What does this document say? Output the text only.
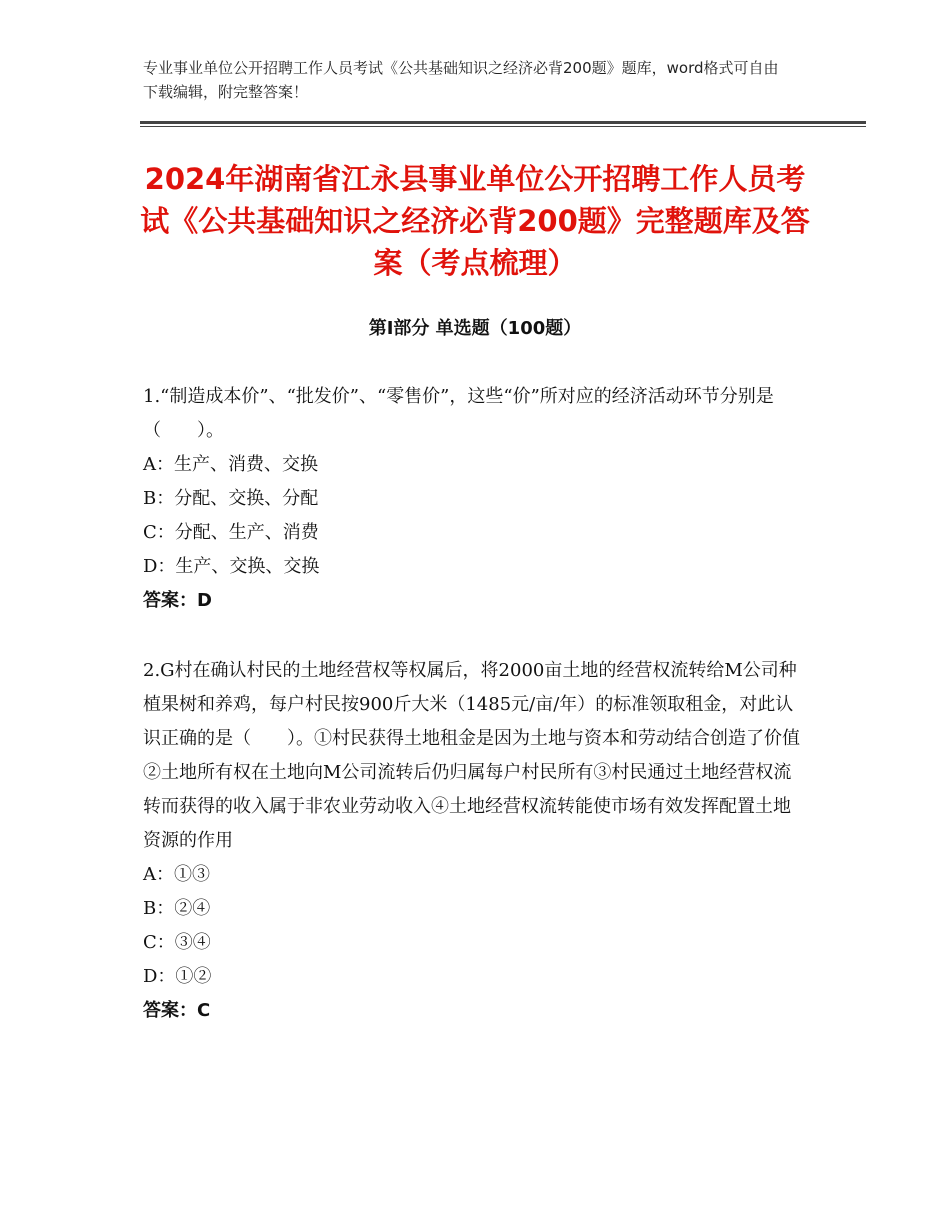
专业事业单位公开招聘工作人员考试《公共基础知识之经济必背200题》题库，word格式可自由下载编辑，附完整答案！
2024年湖南省江永县事业单位公开招聘工作人员考试《公共基础知识之经济必背200题》完整题库及答案（考点梳理）
第Ⅰ部分 单选题（100题）

1.“制造成本价”、“批发价”、“零售价”，这些“价”所对应的经济活动环节分别是（　　）。

A：生产、消费、交换

B：分配、交换、分配

C：分配、生产、消费

D：生产、交换、交换

答案：D

2.G村在确认村民的土地经营权等权属后，将2000亩土地的经营权流转给M公司种植果树和养鸡，每户村民按900斤大米（1485元/亩/年）的标准领取租金，对此认识正确的是（　　）。①村民获得土地租金是因为土地与资本和劳动结合创造了价值②土地所有权在土地向M公司流转后仍归属每户村民所有③村民通过土地经营权流转而获得的收入属于非农业劳动收入④土地经营权流转能使市场有效发挥配置土地资源的作用

A：①③

B：②④

C：③④

D：①②

答案：C
